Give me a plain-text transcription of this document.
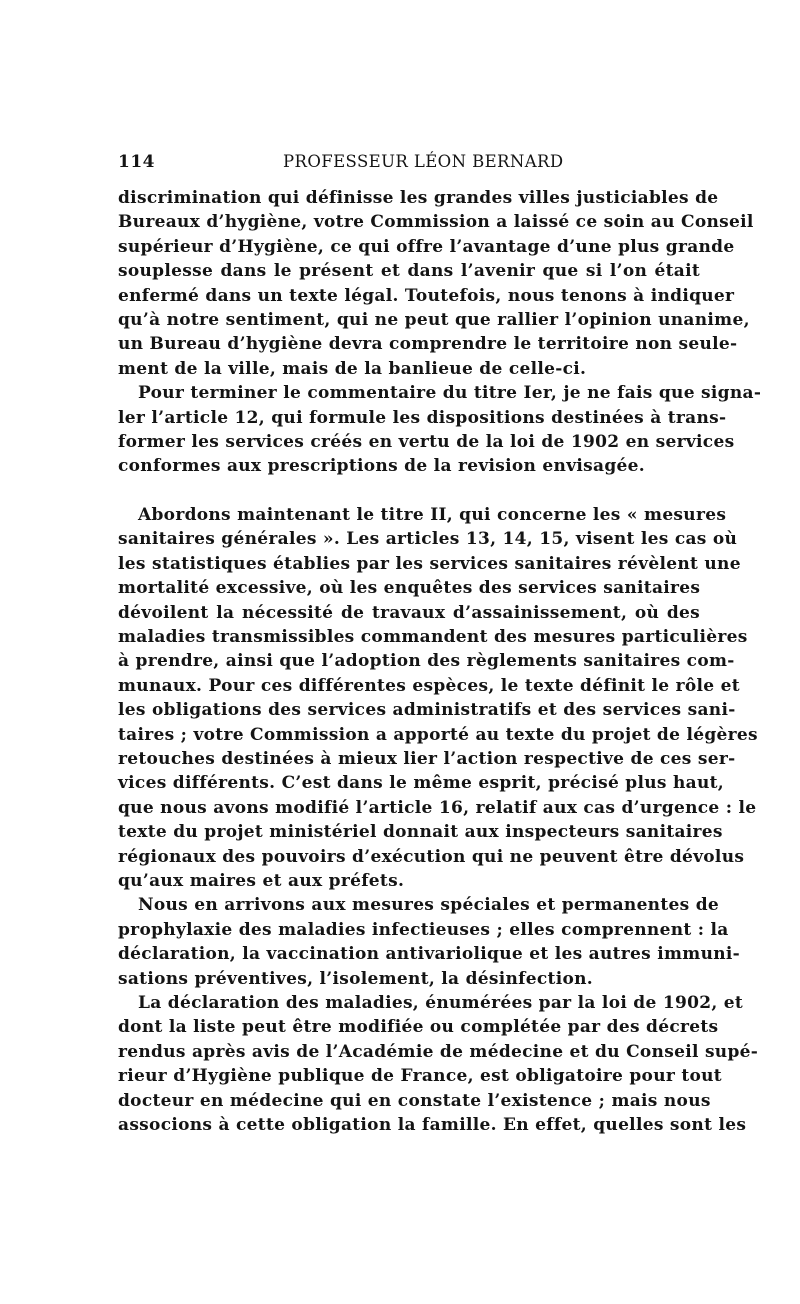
114	PROFESSEUR LÉON BERNARD

discrimination qui définisse les grandes villes justiciables de
Bureaux d’hygiène, votre Commission a laissé ce soin au Conseil
supérieur d’Hygiène, ce qui offre l’avantage d’une plus grande
souplesse dans le présent et dans l’avenir que si l’on était
enfermé dans un texte légal. Toutefois, nous tenons à indiquer
qu’à notre sentiment, qui ne peut que rallier l’opinion unanime,
un Bureau d’hygiène devra comprendre le territoire non seule-
ment de la ville, mais de la banlieue de celle-ci.

Pour terminer le commentaire du titre Ier, je ne fais que signa-
ler l’article 12, qui formule les dispositions destinées à trans-
former les services créés en vertu de la loi de 1902 en services
conformes aux prescriptions de la revision envisagée.

Abordons maintenant le titre II, qui concerne les « mesures
sanitaires générales ». Les articles 13, 14, 15, visent les cas où
les statistiques établies par les services sanitaires révèlent une
mortalité excessive, où les enquêtes des services sanitaires
dévoilent la nécessité de travaux d’assainissement, où des
maladies transmissibles commandent des mesures particulières
à prendre, ainsi que l’adoption des règlements sanitaires com-
munaux. Pour ces différentes espèces, le texte définit le rôle et
les obligations des services administratifs et des services sani-
taires ; votre Commission a apporté au texte du projet de légères
retouches destinées à mieux lier l’action respective de ces ser-
vices différents. C’est dans le même esprit, précisé plus haut,
que nous avons modifié l’article 16, relatif aux cas d’urgence : le
texte du projet ministériel donnait aux inspecteurs sanitaires
régionaux des pouvoirs d’exécution qui ne peuvent être dévolus
qu’aux maires et aux préfets.

Nous en arrivons aux mesures spéciales et permanentes de
prophylaxie des maladies infectieuses ; elles comprennent : la
déclaration, la vaccination antivariolique et les autres immuni-
sations préventives, l’isolement, la désinfection.

La déclaration des maladies, énumérées par la loi de 1902, et
dont la liste peut être modifiée ou complétée par des décrets
rendus après avis de l’Académie de médecine et du Conseil supé-
rieur d’Hygiène publique de France, est obligatoire pour tout
docteur en médecine qui en constate l’existence ; mais nous
associons à cette obligation la famille. En effet, quelles sont les
